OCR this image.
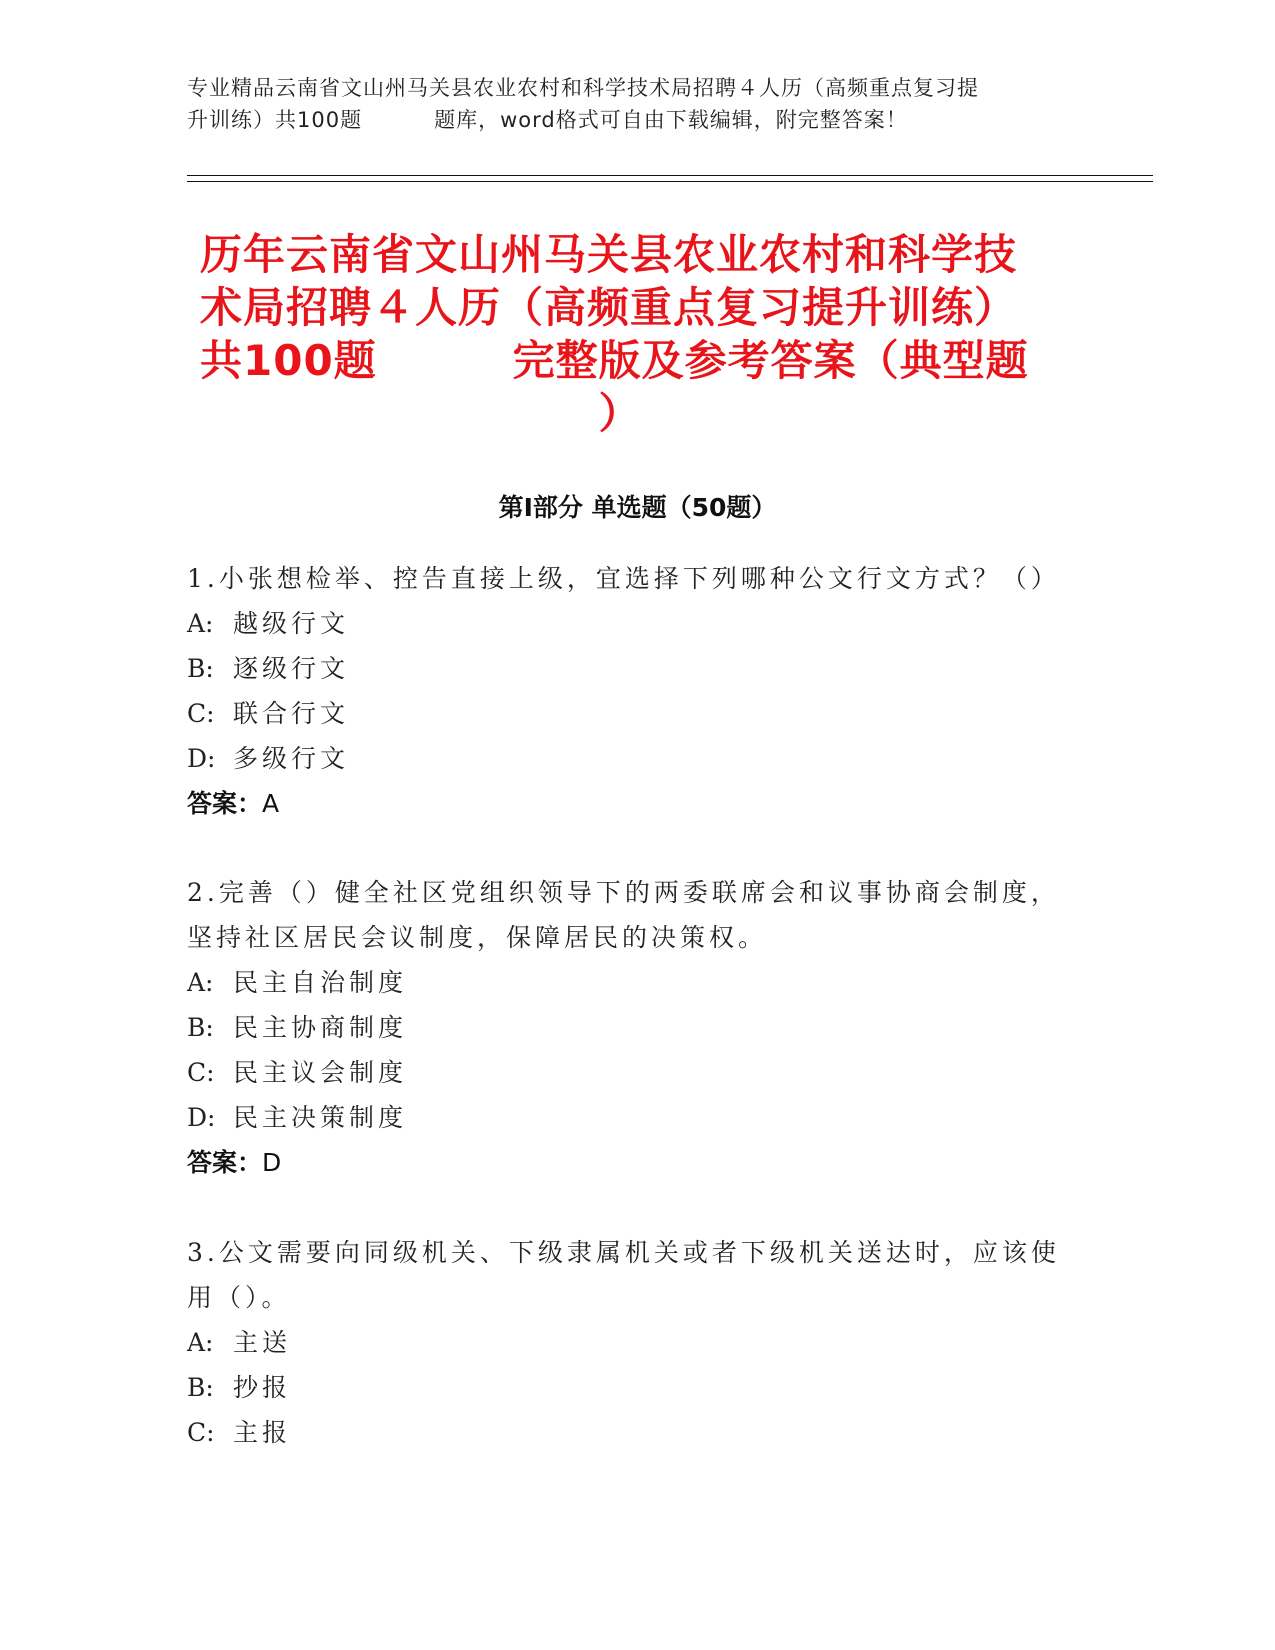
专业精品云南省文山州马关县农业农村和科学技术局招聘４人历（高频重点复习提
升训练）共100题	题库，word格式可自由下载编辑，附完整答案！
历年云南省文山州马关县农业农村和科学技
术局招聘４人历（高频重点复习提升训练）
共100题	完整版及参考答案（典型题
）
第Ⅰ部分 单选题（50题）
1.小张想检举、控告直接上级，宜选择下列哪种公文行文方式？（）
A: 越级行文
B: 逐级行文
C: 联合行文
D: 多级行文
答案：A
2.完善（）健全社区党组织领导下的两委联席会和议事协商会制度，
坚持社区居民会议制度，保障居民的决策权。
A: 民主自治制度
B: 民主协商制度
C: 民主议会制度
D: 民主决策制度
答案：D
3.公文需要向同级机关、下级隶属机关或者下级机关送达时，应该使
用（）。
A: 主送
B: 抄报
C: 主报
